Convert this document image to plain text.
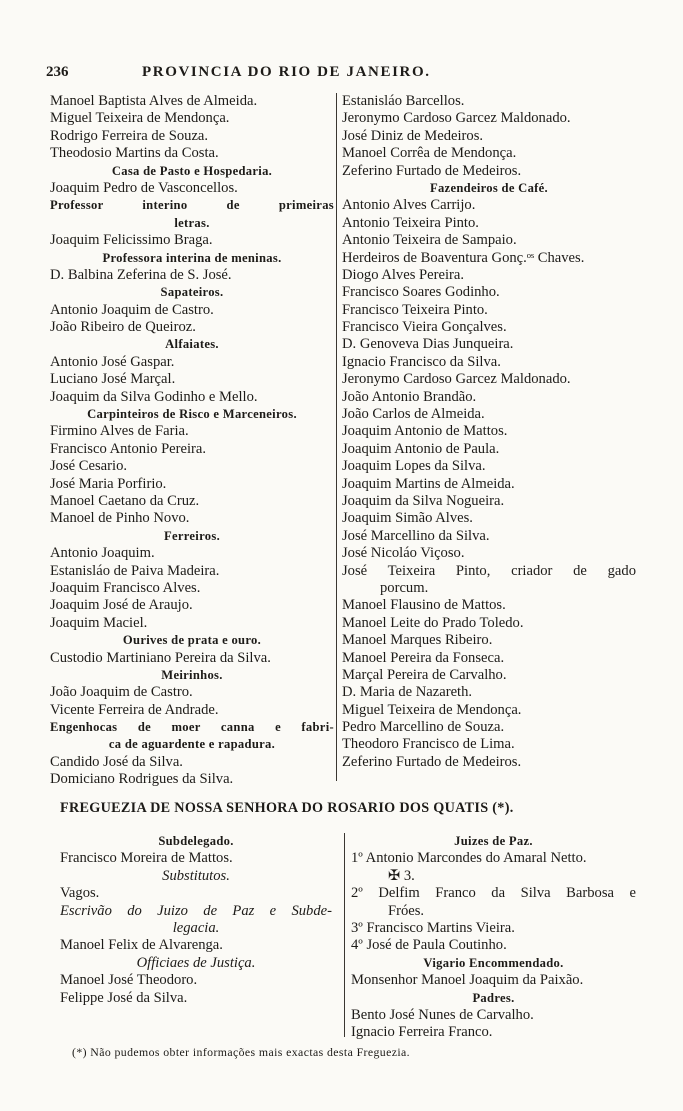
236	PROVINCIA DO RIO DE JANEIRO.
Manoel Baptista Alves de Almeida.
Miguel Teixeira de Mendonça.
Rodrigo Ferreira de Souza.
Theodosio Martins da Costa.
Casa de Pasto e Hospedaria.
Joaquim Pedro de Vasconcellos.
Professor interino de primeiras
letras.
Joaquim Felicissimo Braga.
Professora interina de meninas.
D. Balbina Zeferina de S. José.
Sapateiros.
Antonio Joaquim de Castro.
João Ribeiro de Queiroz.
Alfaiates.
Antonio José Gaspar.
Luciano José Marçal.
Joaquim da Silva Godinho e Mello.
Carpinteiros de Risco e Marceneiros.
Firmino Alves de Faria.
Francisco Antonio Pereira.
José Cesario.
José Maria Porfirio.
Manoel Caetano da Cruz.
Manoel de Pinho Novo.
Ferreiros.
Antonio Joaquim.
Estanisláo de Paiva Madeira.
Joaquim Francisco Alves.
Joaquim José de Araujo.
Joaquim Maciel.
Ourives de prata e ouro.
Custodio Martiniano Pereira da Silva.
Meirinhos.
João Joaquim de Castro.
Vicente Ferreira de Andrade.
Engenhocas de moer canna e fabri-
ca de aguardente e rapadura.
Candido José da Silva.
Domiciano Rodrigues da Silva.
Estanisláo Barcellos.
Jeronymo Cardoso Garcez Maldonado.
José Diniz de Medeiros.
Manoel Corrêa de Mendonça.
Zeferino Furtado de Medeiros.
Fazendeiros de Café.
Antonio Alves Carrijo.
Antonio Teixeira Pinto.
Antonio Teixeira de Sampaio.
Herdeiros de Boaventura Gonç.ᵒˢ Chaves.
Diogo Alves Pereira.
Francisco Soares Godinho.
Francisco Teixeira Pinto.
Francisco Vieira Gonçalves.
D. Genoveva Dias Junqueira.
Ignacio Francisco da Silva.
Jeronymo Cardoso Garcez Maldonado.
João Antonio Brandão.
João Carlos de Almeida.
Joaquim Antonio de Mattos.
Joaquim Antonio de Paula.
Joaquim Lopes da Silva.
Joaquim Martins de Almeida.
Joaquim da Silva Nogueira.
Joaquim Simão Alves.
José Marcellino da Silva.
José Nicoláo Viçoso.
José Teixeira Pinto, criador de gado
porcum.
Manoel Flausino de Mattos.
Manoel Leite do Prado Toledo.
Manoel Marques Ribeiro.
Manoel Pereira da Fonseca.
Marçal Pereira de Carvalho.
D. Maria de Nazareth.
Miguel Teixeira de Mendonça.
Pedro Marcellino de Souza.
Theodoro Francisco de Lima.
Zeferino Furtado de Medeiros.
FREGUEZIA DE NOSSA SENHORA DO ROSARIO DOS QUATIS (*).
Subdelegado.
Francisco Moreira de Mattos.
Substitutos.
Vagos.
Escrivão do Juizo de Paz e Subde-
legacia.
Manoel Felix de Alvarenga.
Officiaes de Justiça.
Manoel José Theodoro.
Felippe José da Silva.
Juizes de Paz.
1º Antonio Marcondes do Amaral Netto.
✠ 3.
2º Delfim Franco da Silva Barbosa e
Fróes.
3º Francisco Martins Vieira.
4º José de Paula Coutinho.
Vigario Encommendado.
Monsenhor Manoel Joaquim da Paixão.
Padres.
Bento José Nunes de Carvalho.
Ignacio Ferreira Franco.
(*) Não pudemos obter informações mais exactas desta Freguezia.
